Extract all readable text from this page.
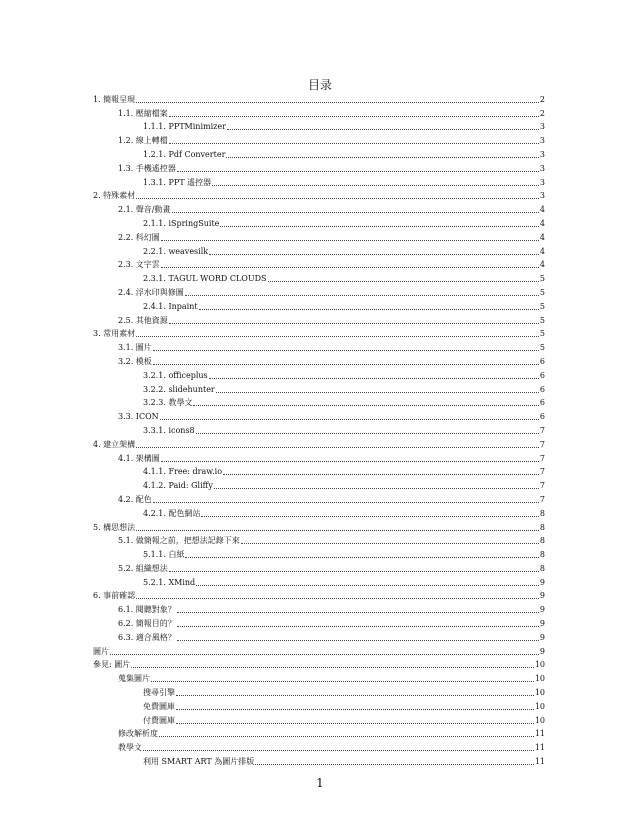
目录
1. 簡報呈現	2
1.1. 壓縮檔案	2
1.1.1. PPTMinimizer	3
1.2. 線上轉檔	3
1.2.1. Pdf Converter	3
1.3. 手機遙控器	3
1.3.1. PPT 遙控器	3
2. 特殊素材	3
2.1. 聲音/動畫	4
2.1.1. iSpringSuite	4
2.2. 科幻圖	4
2.2.1. weavesilk	4
2.3. 文字雲	4
2.3.1. TAGUL WORD CLOUDS	5
2.4. 浮水印與修圖	5
2.4.1. Inpaint	5
2.5. 其他資源	5
3. 常用素材	5
3.1. 圖片	5
3.2. 模板	6
3.2.1. officeplus	6
3.2.2. slidehunter	6
3.2.3. 教學文	6
3.3. ICON	6
3.3.1. icons8	7
4. 建立架構	7
4.1. 架構圖	7
4.1.1. Free: draw.io	7
4.1.2. Paid: Gliffy	7
4.2. 配色	7
4.2.1. 配色網站	8
5. 構思想法	8
5.1. 做簡報之前，把想法記錄下來	8
5.1.1. 白紙	8
5.2. 組織想法	8
5.2.1. XMind	9
6. 事前確認	9
6.1. 閱聽對象？	9
6.2. 簡報目的？	9
6.3. 適合風格？	9
圖片	9
參見: 圖片	10
蒐集圖片	10
搜尋引擎	10
免費圖庫	10
付費圖庫	10
修改解析度	11
教學文	11
利用 SMART ART 為圖片排版	11
1
